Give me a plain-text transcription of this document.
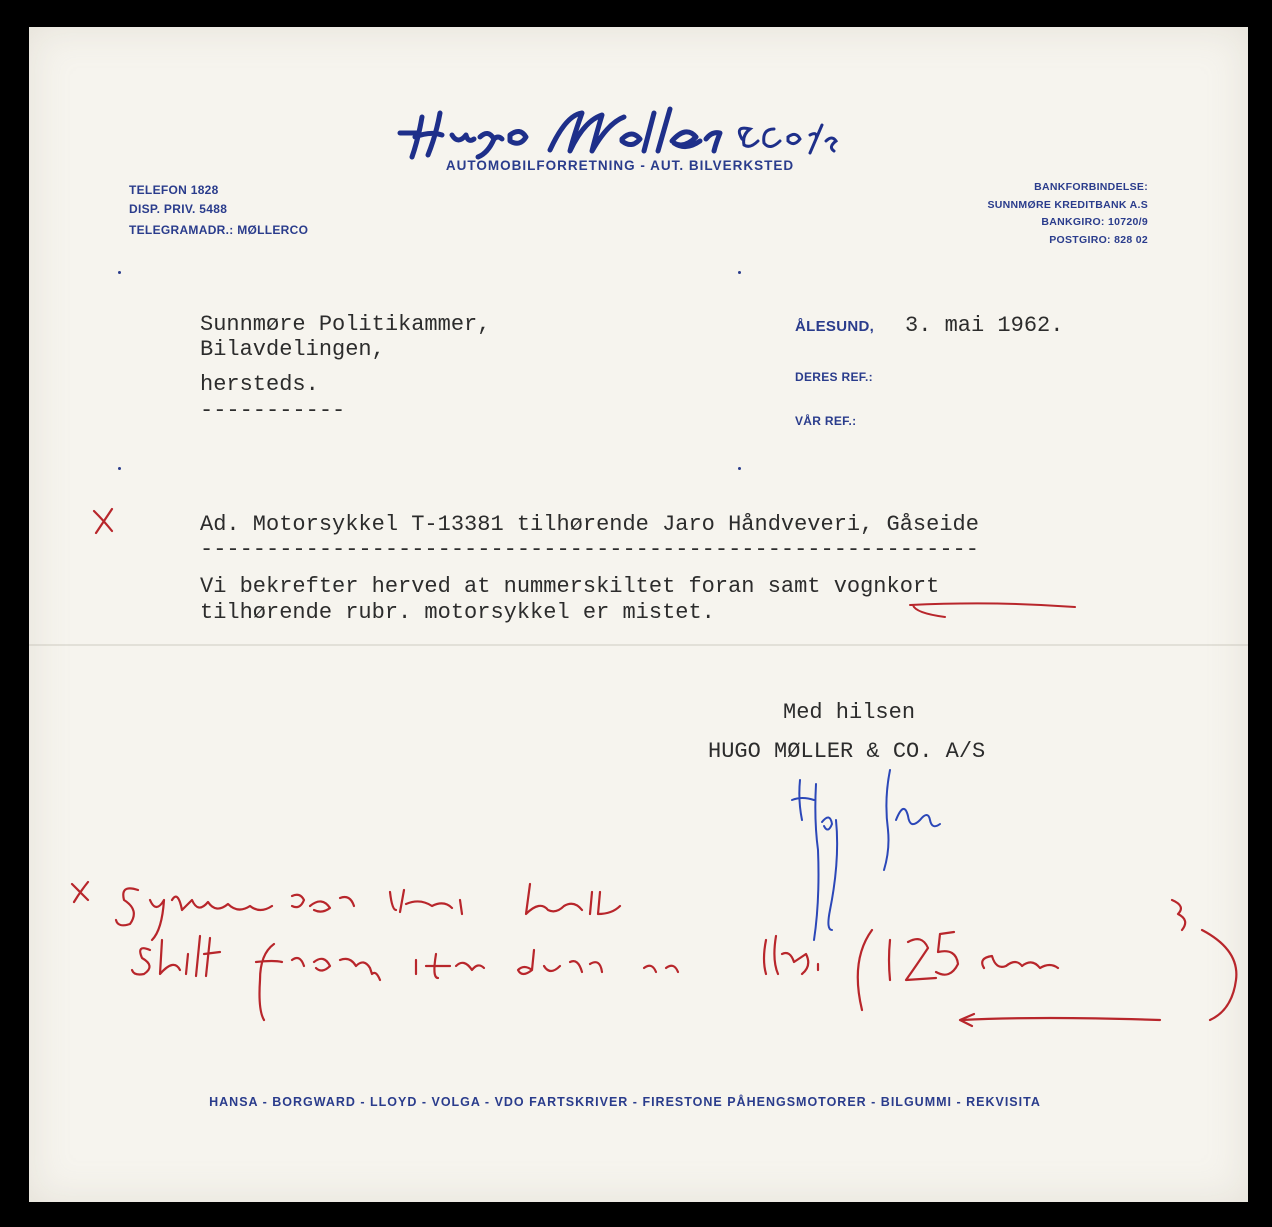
AUTOMOBILFORRETNING - AUT. BILVERKSTED
TELEFON 1828
DISP. PRIV. 5488
TELEGRAMADR.: MØLLERCO
BANKFORBINDELSE:
SUNNMØRE KREDITBANK A.S
BANKGIRO: 10720/9
POSTGIRO: 828 02
Sunnmøre Politikammer,
Bilavdelingen,
hersteds.
-----------
ÅLESUND, 3. mai 1962.
DERES REF.:
VÅR REF.:
Ad. Motorsykkel T-13381 tilhørende Jaro Håndveveri, Gåseide
-----------------------------------------------------------
Vi bekrefter herved at nummerskiltet foran samt vognkort
tilhørende rubr. motorsykkel er mistet.
Med hilsen
HUGO MØLLER & CO. A/S
HANSA - BORGWARD - LLOYD - VOLGA - VDO FARTSKRIVER - FIRESTONE PÅHENGSMOTORER - BILGUMMI - REKVISITA
